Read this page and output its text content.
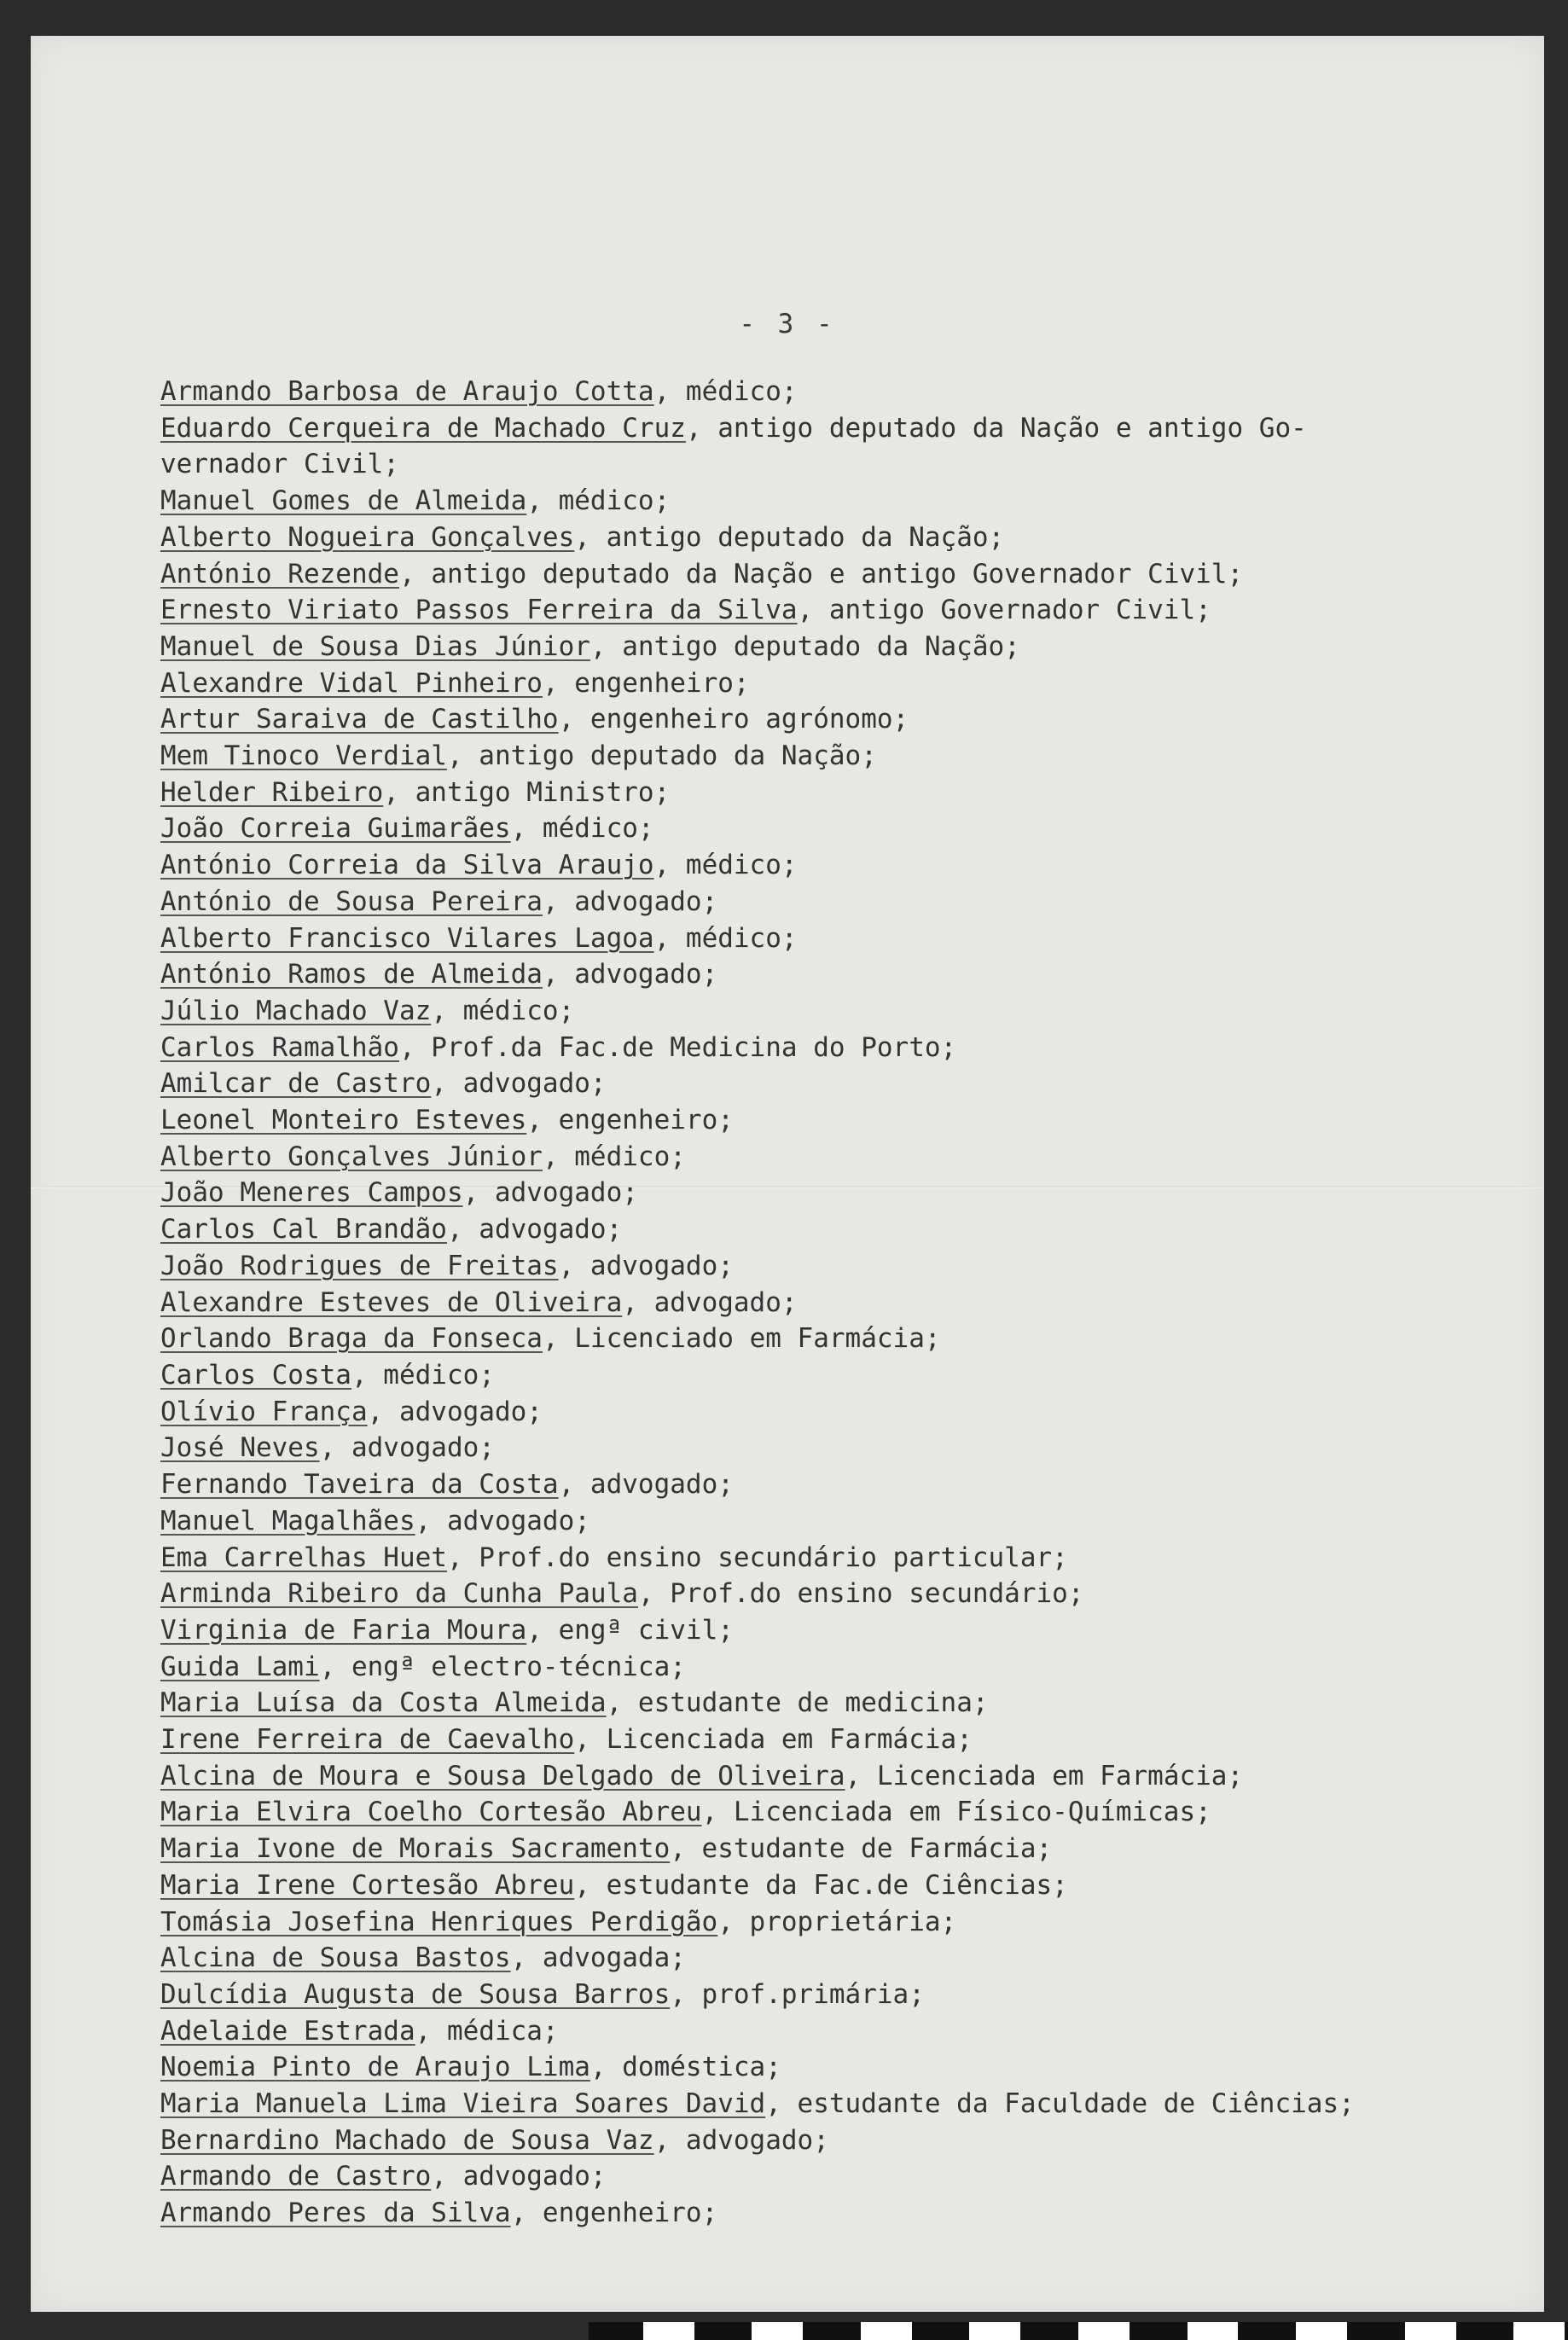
- 3 -
Armando Barbosa de Araujo Cotta, médico;
Eduardo Cerqueira de Machado Cruz, antigo deputado da Nação e antigo Go-
vernador Civil;
Manuel Gomes de Almeida, médico;
Alberto Nogueira Gonçalves, antigo deputado da Nação;
António Rezende, antigo deputado da Nação e antigo Governador Civil;
Ernesto Viriato Passos Ferreira da Silva, antigo Governador Civil;
Manuel de Sousa Dias Júnior, antigo deputado da Nação;
Alexandre Vidal Pinheiro, engenheiro;
Artur Saraiva de Castilho, engenheiro agrónomo;
Mem Tinoco Verdial, antigo deputado da Nação;
Helder Ribeiro, antigo Ministro;
João Correia Guimarães, médico;
António Correia da Silva Araujo, médico;
António de Sousa Pereira, advogado;
Alberto Francisco Vilares Lagoa, médico;
António Ramos de Almeida, advogado;
Júlio Machado Vaz, médico;
Carlos Ramalhão, Prof.da Fac.de Medicina do Porto;
Amilcar de Castro, advogado;
Leonel Monteiro Esteves, engenheiro;
Alberto Gonçalves Júnior, médico;
João Meneres Campos, advogado;
Carlos Cal Brandão, advogado;
João Rodrigues de Freitas, advogado;
Alexandre Esteves de Oliveira, advogado;
Orlando Braga da Fonseca, Licenciado em Farmácia;
Carlos Costa, médico;
Olívio França, advogado;
José Neves, advogado;
Fernando Taveira da Costa, advogado;
Manuel Magalhães, advogado;
Ema Carrelhas Huet, Prof.do ensino secundário particular;
Arminda Ribeiro da Cunha Paula, Prof.do ensino secundário;
Virginia de Faria Moura, engª civil;
Guida Lami, engª electro-técnica;
Maria Luísa da Costa Almeida, estudante de medicina;
Irene Ferreira de Caevalho, Licenciada em Farmácia;
Alcina de Moura e Sousa Delgado de Oliveira, Licenciada em Farmácia;
Maria Elvira Coelho Cortesão Abreu, Licenciada em Físico-Químicas;
Maria Ivone de Morais Sacramento, estudante de Farmácia;
Maria Irene Cortesão Abreu, estudante da Fac.de Ciências;
Tomásia Josefina Henriques Perdigão, proprietária;
Alcina de Sousa Bastos, advogada;
Dulcídia Augusta de Sousa Barros, prof.primária;
Adelaide Estrada, médica;
Noemia Pinto de Araujo Lima, doméstica;
Maria Manuela Lima Vieira Soares David, estudante da Faculdade de Ciências;
Bernardino Machado de Sousa Vaz, advogado;
Armando de Castro, advogado;
Armando Peres da Silva, engenheiro;
